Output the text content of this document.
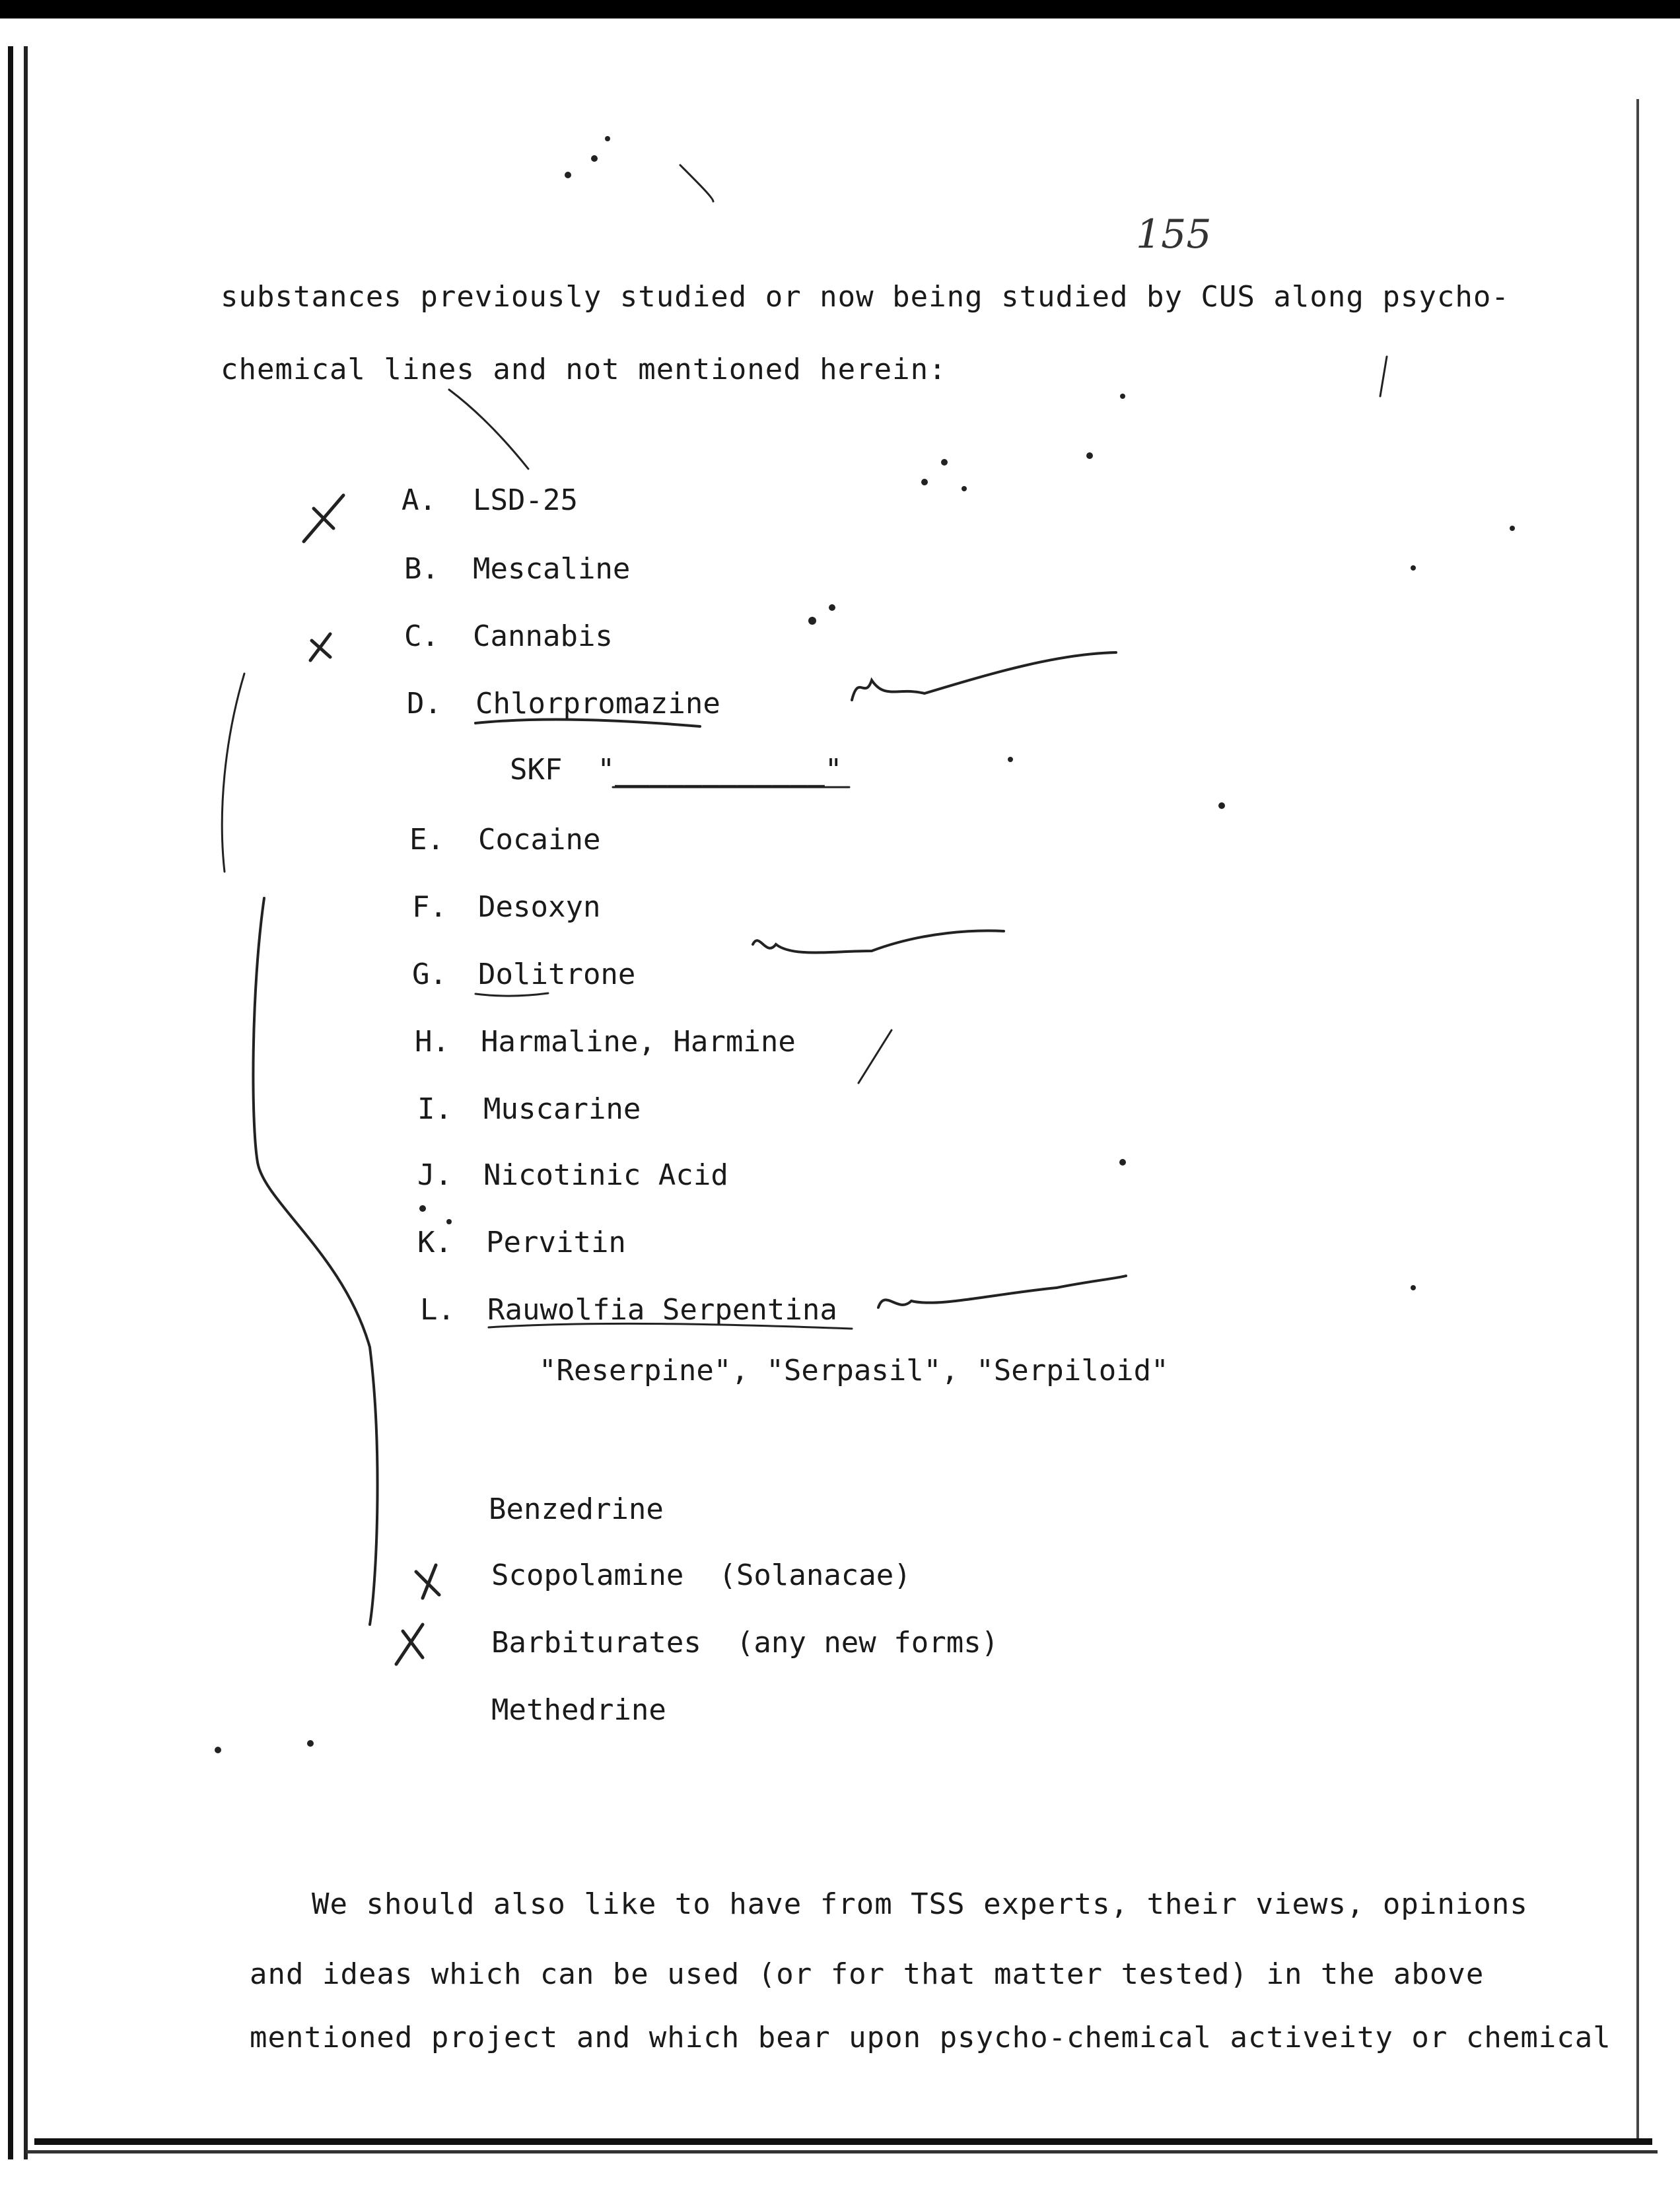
substances previously studied or now being studied by CUS along psycho-
chemical lines and not mentioned herein:
155
A. LSD-25
B. Mescaline
C. Cannabis
D. Chlorpromazine
SKF  "____________"
E. Cocaine
F. Desoxyn
G. Dolitrone
H. Harmaline, Harmine
I. Muscarine
J. Nicotinic Acid
K. Pervitin
L. Rauwolfia Serpentina
"Reserpine", "Serpasil", "Serpiloid"
Benzedrine
Scopolamine  (Solanacae)
Barbiturates  (any new forms)
Methedrine
We should also like to have from TSS experts, their views, opinions
and ideas which can be used (or for that matter tested) in the above
mentioned project and which bear upon psycho-chemical activeity or chemical
